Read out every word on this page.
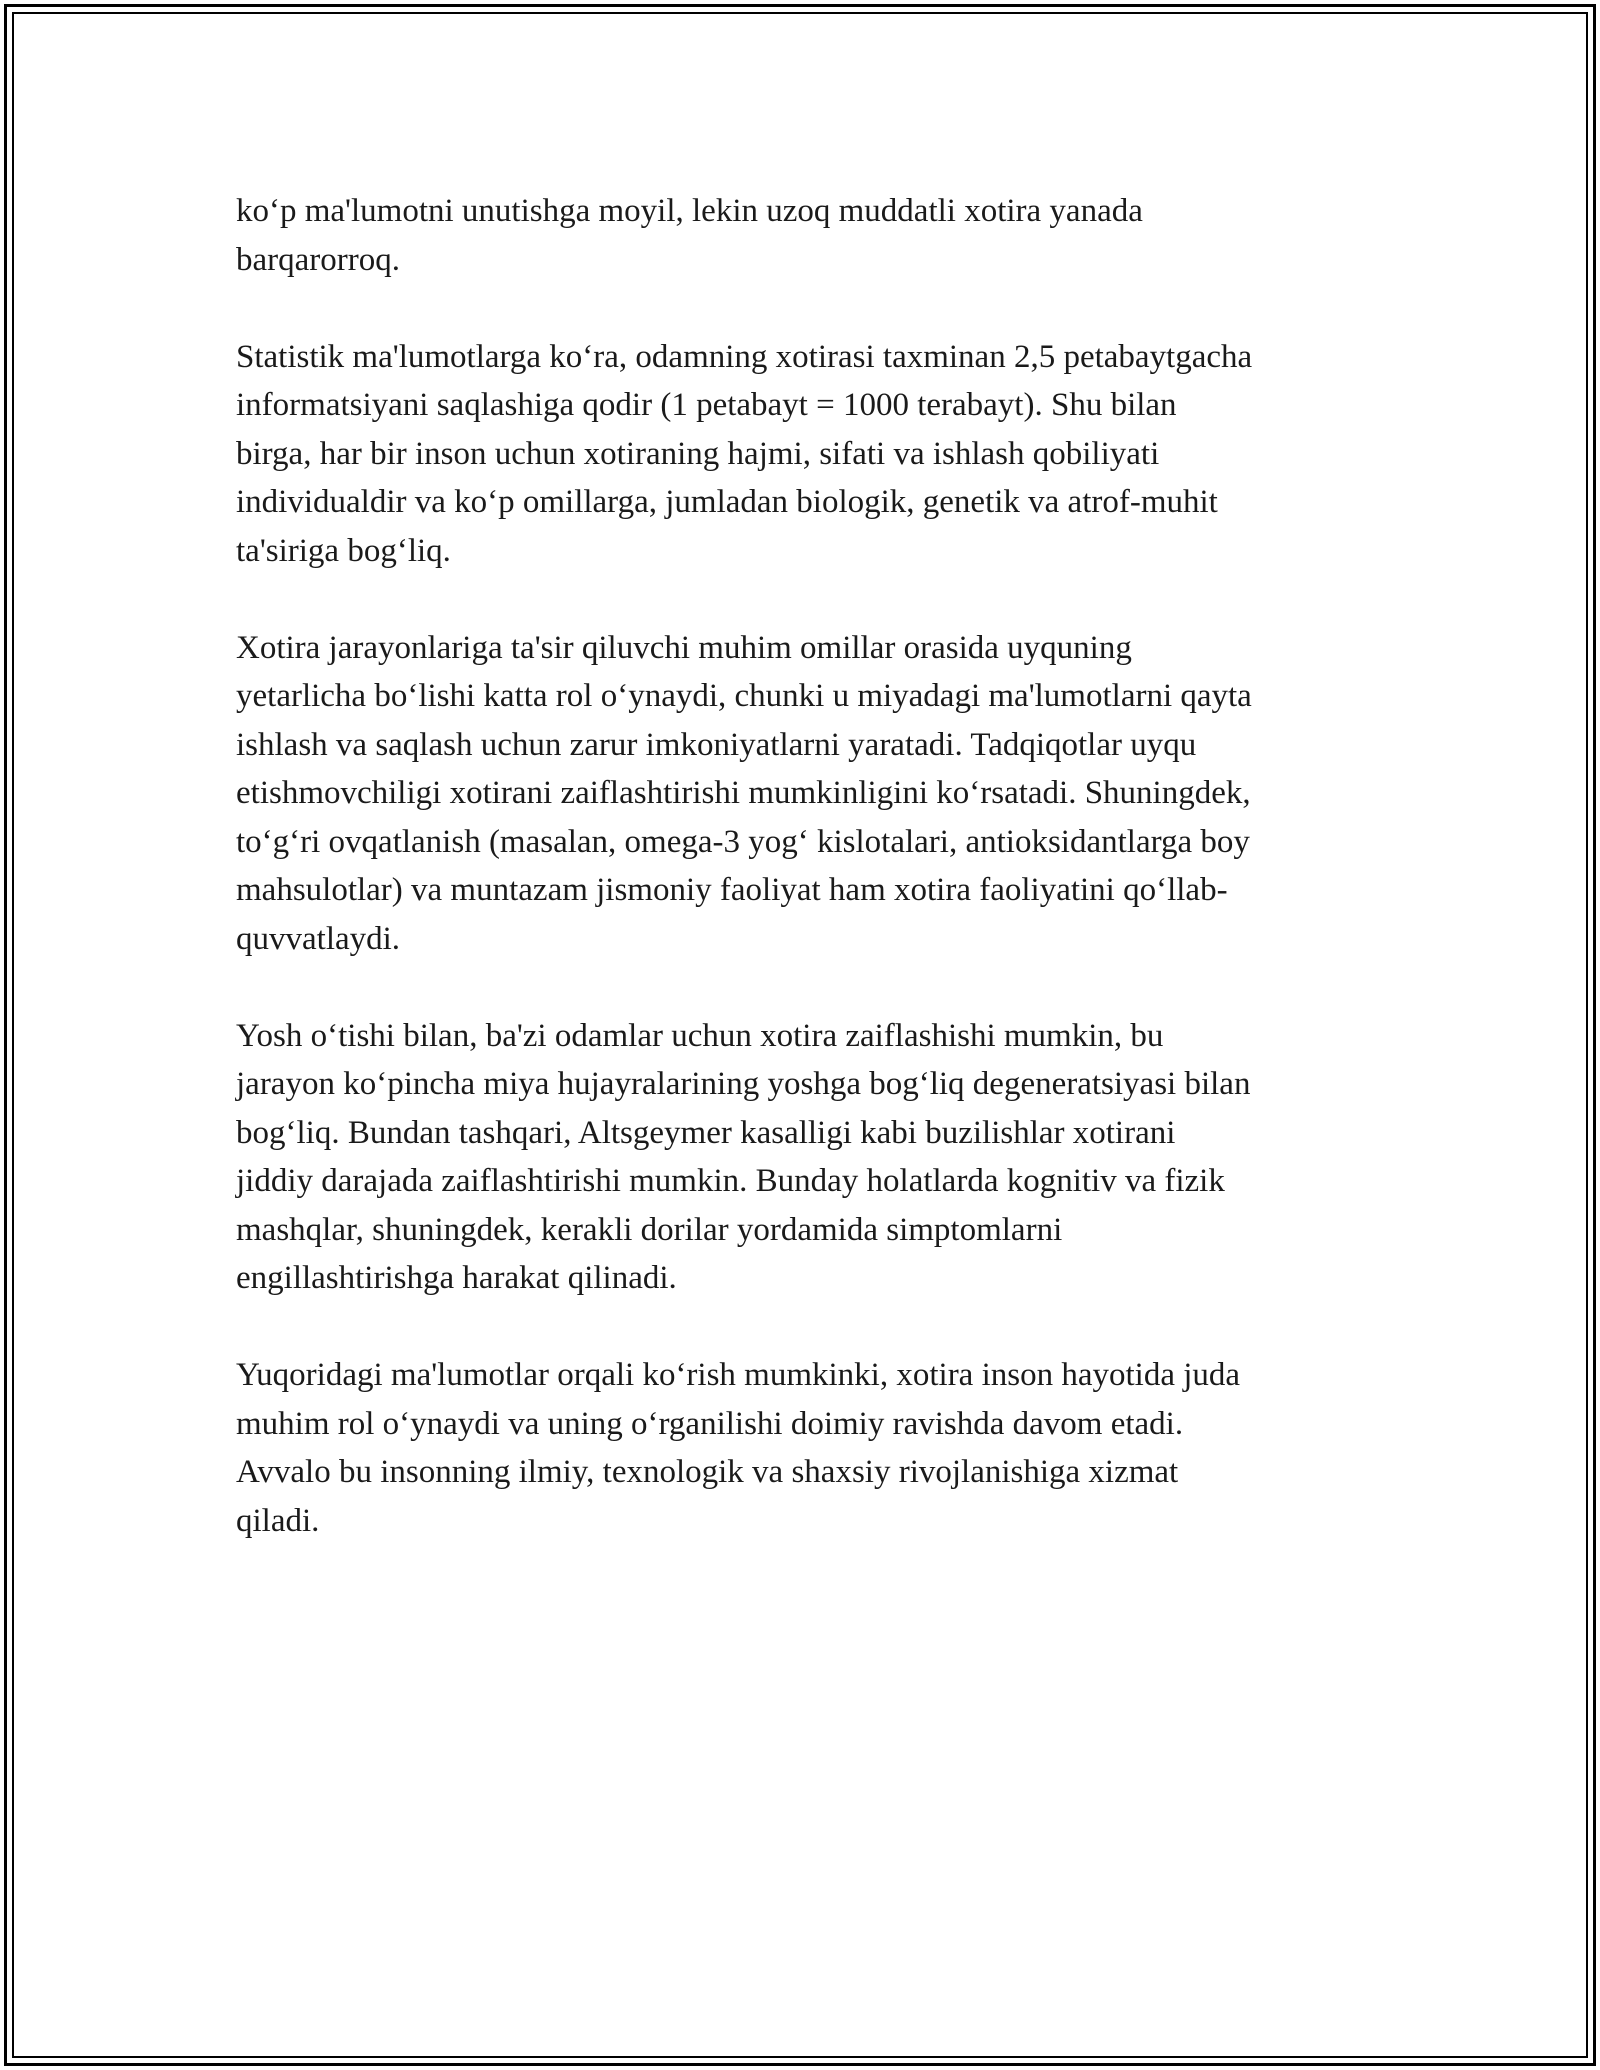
ko‘p ma'lumotni unutishga moyil, lekin uzoq muddatli xotira yanada
barqarorroq.

Statistik ma'lumotlarga ko‘ra, odamning xotirasi taxminan 2,5 petabaytgacha
informatsiyani saqlashiga qodir (1 petabayt = 1000 terabayt). Shu bilan
birga, har bir inson uchun xotiraning hajmi, sifati va ishlash qobiliyati
individualdir va ko‘p omillarga, jumladan biologik, genetik va atrof-muhit
ta'siriga bog‘liq.

Xotira jarayonlariga ta'sir qiluvchi muhim omillar orasida uyquning
yetarlicha bo‘lishi katta rol o‘ynaydi, chunki u miyadagi ma'lumotlarni qayta
ishlash va saqlash uchun zarur imkoniyatlarni yaratadi. Tadqiqotlar uyqu
etishmovchiligi xotirani zaiflashtirishi mumkinligini ko‘rsatadi. Shuningdek,
to‘g‘ri ovqatlanish (masalan, omega-3 yog‘ kislotalari, antioksidantlarga boy
mahsulotlar) va muntazam jismoniy faoliyat ham xotira faoliyatini qo‘llab-
quvvatlaydi.

Yosh o‘tishi bilan, ba'zi odamlar uchun xotira zaiflashishi mumkin, bu
jarayon ko‘pincha miya hujayralarining yoshga bog‘liq degeneratsiyasi bilan
bog‘liq. Bundan tashqari, Altsgeymer kasalligi kabi buzilishlar xotirani
jiddiy darajada zaiflashtirishi mumkin. Bunday holatlarda kognitiv va fizik
mashqlar, shuningdek, kerakli dorilar yordamida simptomlarni
engillashtirishga harakat qilinadi.

Yuqoridagi ma'lumotlar orqali ko‘rish mumkinki, xotira inson hayotida juda
muhim rol o‘ynaydi va uning o‘rganilishi doimiy ravishda davom etadi.
Avvalo bu insonning ilmiy, texnologik va shaxsiy rivojlanishiga xizmat
qiladi.
